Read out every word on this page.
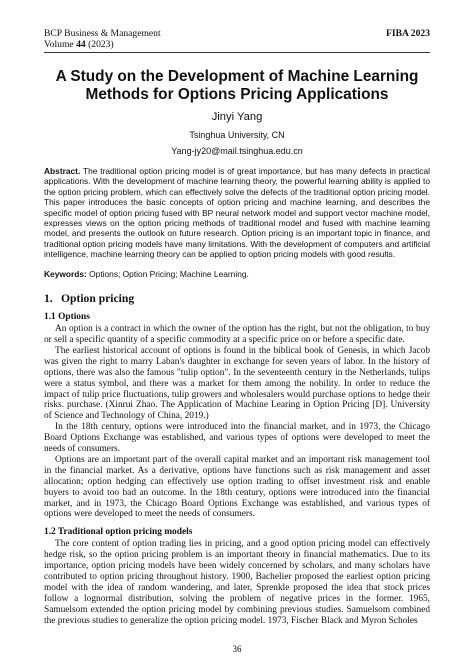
BCP Business & Management	FIBA 2023
Volume 44 (2023)
A Study on the Development of Machine Learning Methods for Options Pricing Applications
Jinyi Yang
Tsinghua University, CN
Yang-jy20@mail.tsinghua.edu.cn

Abstract. The traditional option pricing model is of great importance, but has many defects in practical applications. With the development of machine learning theory, the powerful learning ability is applied to the option pricing problem, which can effectively solve the defects of the traditional option pricing model. This paper introduces the basic concepts of option pricing and machine learning, and describes the specific model of option pricing fused with BP neural network model and support vector machine model, expresses views on the option pricing methods of traditional model and fused with machine learning model, and presents the outlook on future research. Option pricing is an important topic in finance, and traditional option pricing models have many limitations. With the development of computers and artificial intelligence, machine learning theory can be applied to option pricing models with good results.

Keywords: Options; Option Pricing; Machine Learning.

1. Option pricing
1.1 Options

An option is a contract in which the owner of the option has the right, but not the obligation, to buy or sell a specific quantity of a specific commodity at a specific price on or before a specific date.

The earliest historical account of options is found in the biblical book of Genesis, in which Jacob was given the right to marry Laban's daughter in exchange for seven years of labor. In the history of options, there was also the famous "tulip option". In the seventeenth century in the Netherlands, tulips were a status symbol, and there was a market for them among the nobility. In order to reduce the impact of tulip price fluctuations, tulip growers and wholesalers would purchase options to hedge their risks. purchase. (Xinrui Zhao. The Application of Machine Learing in Option Pricing [D]. University of Science and Technology of China, 2019.)

In the 18th century, options were introduced into the financial market, and in 1973, the Chicago Board Options Exchange was established, and various types of options were developed to meet the needs of consumers.

Options are an important part of the overall capital market and an important risk management tool in the financial market. As a derivative, options have functions such as risk management and asset allocation; option hedging can effectively use option trading to offset investment risk and enable buyers to avoid too bad an outcome. In the 18th century, options were introduced into the financial market, and in 1973, the Chicago Board Options Exchange was established, and various types of options were developed to meet the needs of consumers.

1.2 Traditional option pricing models

The core content of option trading lies in pricing, and a good option pricing model can effectively hedge risk, so the option pricing problem is an important theory in financial mathematics. Due to its importance, option pricing models have been widely concerned by scholars, and many scholars have contributed to option pricing throughout history. 1900, Bachelier proposed the earliest option pricing model with the idea of random wandering, and later, Sprenkle proposed the idea that stock prices follow a lognormal distribution, solving the problem of negative prices in the former. 1965, Samuelsom extended the option pricing model by combining previous studies. Samuelsom combined the previous studies to generalize the option pricing model. 1973, Fischer Black and Myron Scholes

36
